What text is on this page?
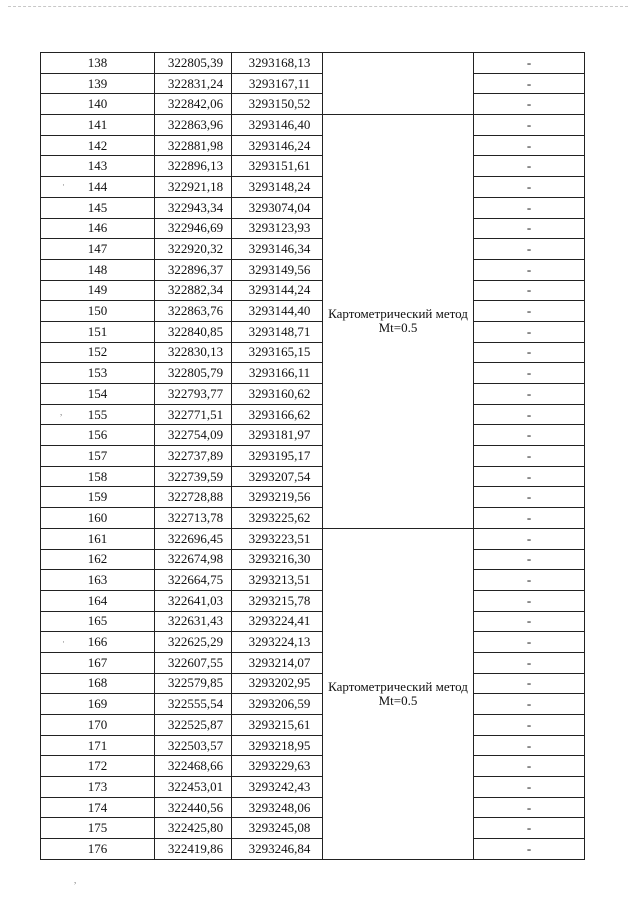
138	322805,39	3293168,13		-
139	322831,24	3293167,11		-
140	322842,06	3293150,52		-
141	322863,96	3293146,40	Картометрический метод Mt=0.5	-
142	322881,98	3293146,24		-
143	322896,13	3293151,61		-
144	322921,18	3293148,24		-
145	322943,34	3293074,04		-
146	322946,69	3293123,93		-
147	322920,32	3293146,34		-
148	322896,37	3293149,56		-
149	322882,34	3293144,24		-
150	322863,76	3293144,40		-
151	322840,85	3293148,71		-
152	322830,13	3293165,15		-
153	322805,79	3293166,11		-
154	322793,77	3293160,62		-
155	322771,51	3293166,62		-
156	322754,09	3293181,97		-
157	322737,89	3293195,17		-
158	322739,59	3293207,54		-
159	322728,88	3293219,56		-
160	322713,78	3293225,62		-
161	322696,45	3293223,51	Картометрический метод Mt=0.5	-
162	322674,98	3293216,30		-
163	322664,75	3293213,51		-
164	322641,03	3293215,78		-
165	322631,43	3293224,41		-
166	322625,29	3293224,13		-
167	322607,55	3293214,07		-
168	322579,85	3293202,95		-
169	322555,54	3293206,59		-
170	322525,87	3293215,61		-
171	322503,57	3293218,95		-
172	322468,66	3293229,63		-
173	322453,01	3293242,43		-
174	322440,56	3293248,06		-
175	322425,80	3293245,08		-
176	322419,86	3293246,84		-
·
,
·
,
